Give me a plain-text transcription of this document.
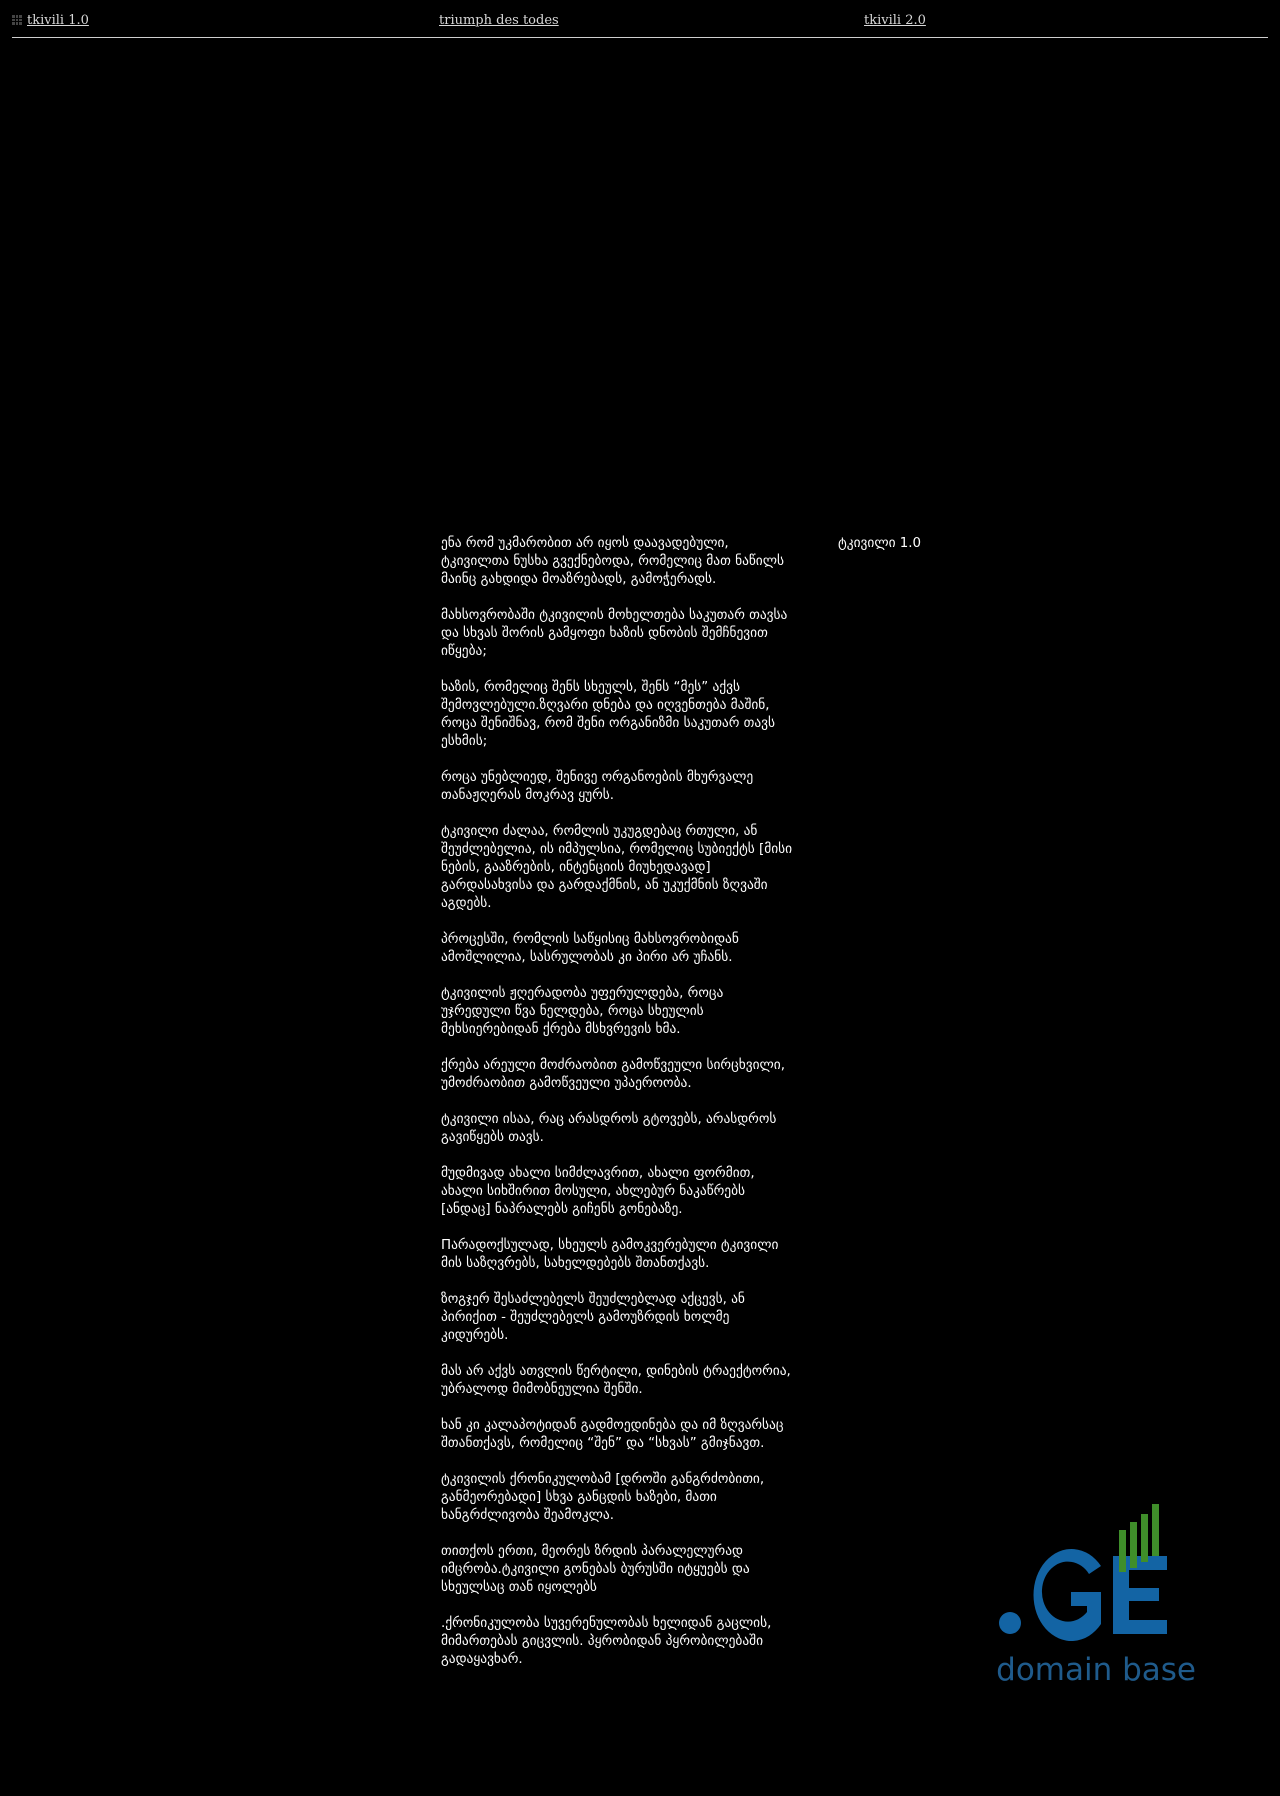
tkivili 1.0	triumph des todes	tkivili 2.0

ენა რომ უკმარობით არ იყოს დაავადებული,
ტკივილთა ნუსხა გვექნებოდა, რომელიც მათ ნაწილს
მაინც გახდიდა მოაზრებადს, გამოჭერადს.

მახსოვრობაში ტკივილის მოხელთება საკუთარ თავსა
და სხვას შორის გამყოფი ხაზის დნობის შემჩნევით
იწყება;

ხაზის, რომელიც შენს სხეულს, შენს “მეს” აქვს
შემოვლებული.ზღვარი დნება და იღვენთება მაშინ,
როცა შენიშნავ, რომ შენი ორგანიზმი საკუთარ თავს
ესხმის;

როცა უნებლიედ, შენივე ორგანოების მხურვალე
თანაჟღერას მოკრავ ყურს.

ტკივილი ძალაა, რომლის უკუგდებაც რთული, ან
შეუძლებელია, ის იმპულსია, რომელიც სუბიექტს [მისი
ნების, გააზრების, ინტენციის მიუხედავად]
გარდასახვისა და გარდაქმნის, ან უკუქმნის ზღვაში
აგდებს.

პროცესში, რომლის საწყისიც მახსოვრობიდან
ამოშლილია, სასრულობას კი პირი არ უჩანს.

ტკივილის ჟღერადობა უფერულდება, როცა
უჯრედული წვა ნელდება, როცა სხეულის
მეხსიერებიდან ქრება მსხვრევის ხმა.

ქრება არეული მოძრაობით გამოწვეული სირცხვილი,
უმოძრაობით გამოწვეული უპაეროობა.

ტკივილი ისაა, რაც არასდროს გტოვებს, არასდროს
გავიწყებს თავს.

მუდმივად ახალი სიმძლავრით, ახალი ფორმით,
ახალი სიხშირით მოსული, ახლებურ ნაკაწრებს
[ანდაც] ნაპრალებს გიჩენს გონებაზე.

Пარადოქსულად, სხეულს გამოკვერებული ტკივილი
მის საზღვრებს, სახელდებებს შთანთქავს.

ზოგჯერ შესაძლებელს შეუძლებლად აქცევს, ან
პირიქით - შეუძლებელს გამოუზრდის ხოლმე
კიდურებს.

მას არ აქვს ათვლის წერტილი, დინების ტრაექტორია,
უბრალოდ მიმობნეულია შენში.

ხან კი კალაპოტიდან გადმოედინება და იმ ზღვარსაც
შთანთქავს, რომელიც “შენ” და “სხვას” გმიჯნავთ.

ტკივილის ქრონიკულობამ [დროში განგრძობითი,
განმეორებადი] სხვა განცდის ხაზები, მათი
ხანგრძლივობა შეამოკლა.

თითქოს ერთი, მეორეს ზრდის პარალელურად
იმცრობა.ტკივილი გონებას ბურუსში იტყუებს და
სხეულსაც თან იყოლებს

.ქრონიკულობა სუვერენულობას ხელიდან გაცლის,
მიმართებას გიცვლის. პყრობიდან პყრობილებაში
გადაყავხარ.

ტკივილი 1.0
domain base
